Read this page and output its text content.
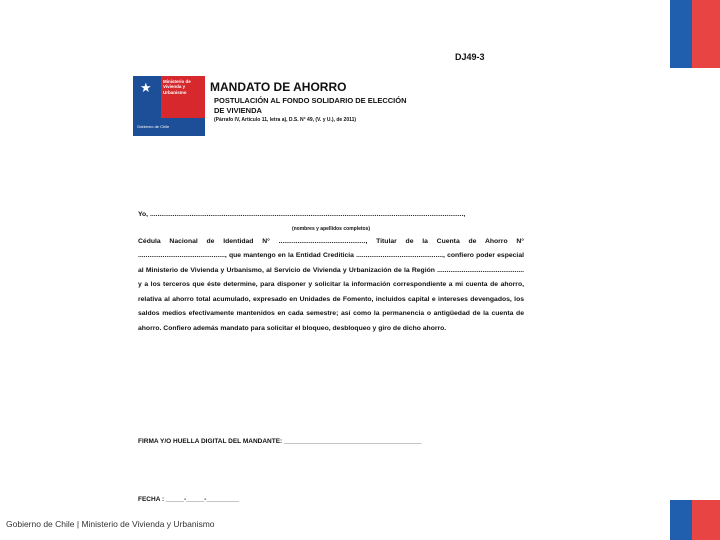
DJ49-3
★	Ministerio de Vivienda y Urbanismo
Gobierno de Chile
MANDATO DE AHORRO
POSTULACIÓN AL FONDO SOLIDARIO DE ELECCIÓN DE VIVIENDA
(Párrafo IV, Artículo 11, letra a), D.S. N° 49, (V. y U.), de 2011)

Yo, ......................................................................................................................................................................,

(nombres y apellidos completos)

Cédula Nacional de Identidad N° .............................................., Titular de la Cuenta de Ahorro N° .............................................., que mantengo en la Entidad Crediticia .............................................., confiero poder especial al Ministerio de Vivienda y Urbanismo, al Servicio de Vivienda y Urbanización de la Región .............................................. y a los terceros que éste determine, para disponer y solicitar la información correspondiente a mi cuenta de ahorro, relativa al ahorro total acumulado, expresado en Unidades de Fomento, incluidos capital e intereses devengados, los saldos medios efectivamente mantenidos en cada semestre; así como la permanencia o antigüedad de la cuenta de ahorro. Confiero además mandato para solicitar el bloqueo, desbloqueo y giro de dicho ahorro.

FIRMA Y/O HUELLA DIGITAL DEL MANDANTE: ______________________________________
FECHA : _____-_____-_________
Gobierno de Chile | Ministerio de Vivienda y Urbanismo
